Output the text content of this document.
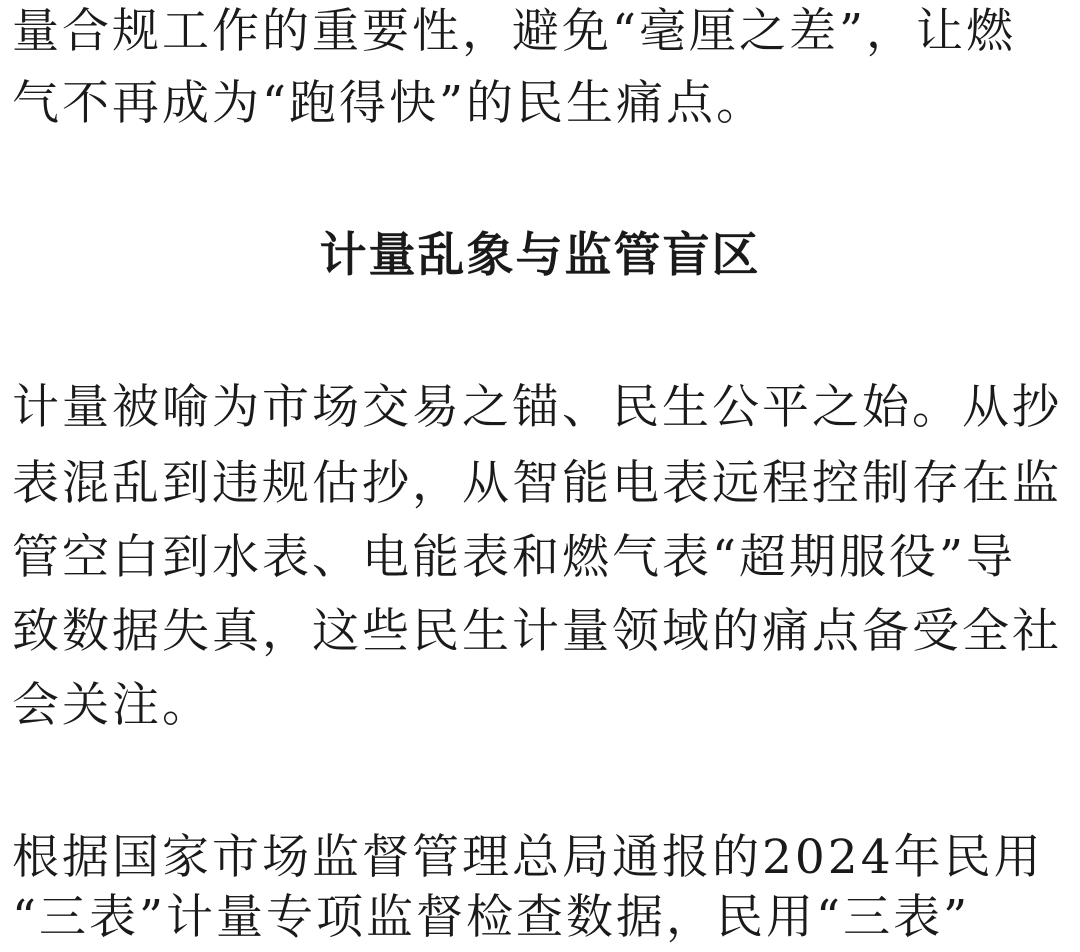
量合规工作的重要性，避免“毫厘之差”，让燃
气不再成为“跑得快”的民生痛点。
计量乱象与监管盲区
计量被喻为市场交易之锚、民生公平之始。从抄
表混乱到违规估抄，从智能电表远程控制存在监
管空白到水表、电能表和燃气表“超期服役”导
致数据失真，这些民生计量领域的痛点备受全社
会关注。
根据国家市场监督管理总局通报的2024年民用
“三表”计量专项监督检查数据，民用“三表”
